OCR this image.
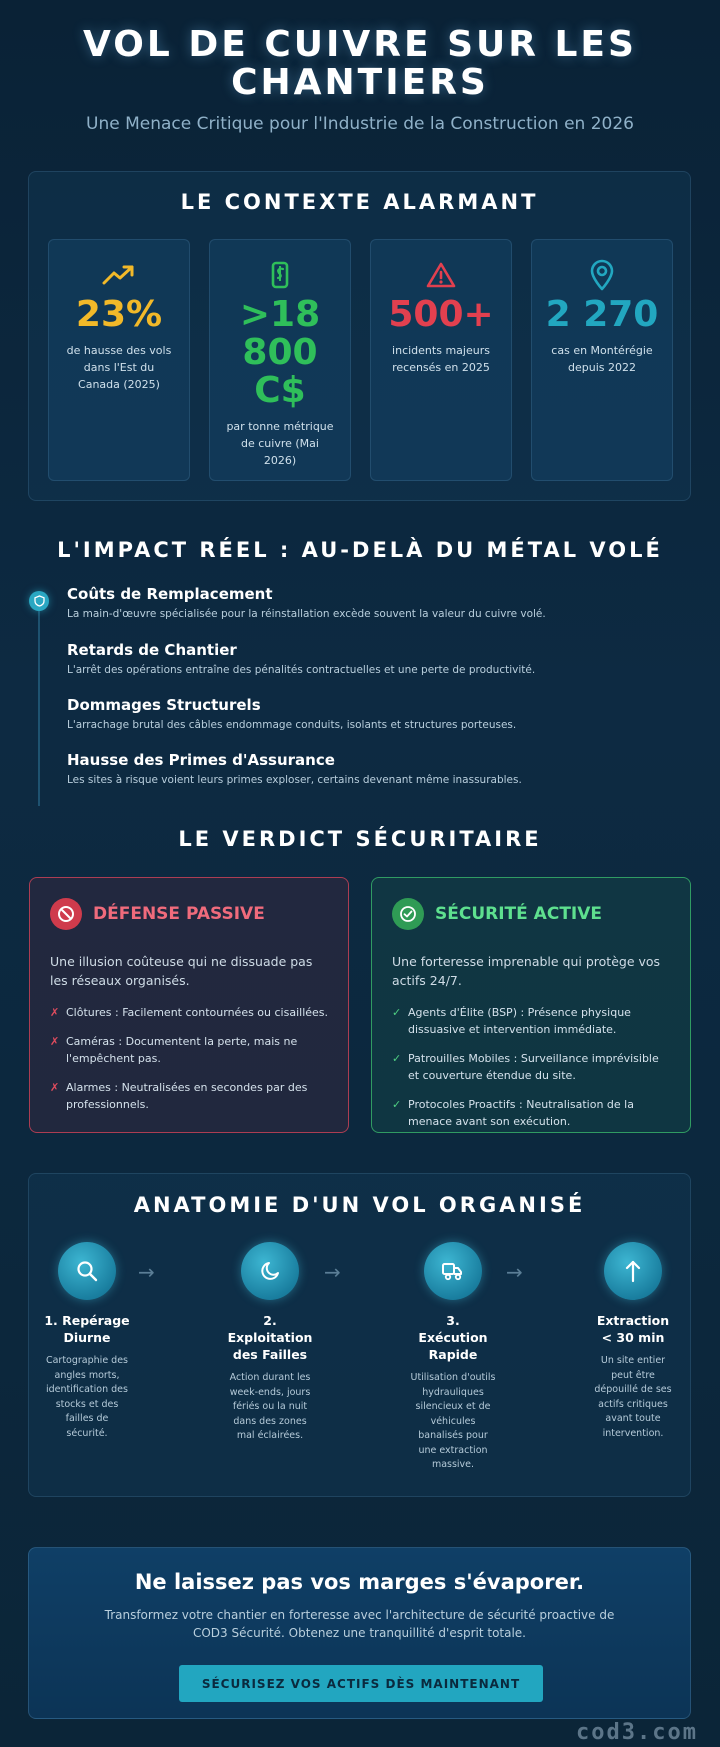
VOL DE CUIVRE SUR LES CHANTIERS

Une Menace Critique pour l'Industrie de la Construction en 2026

LE CONTEXTE ALARMANT
23%
de hausse des vols dans l'Est du Canada (2025)
>18 800 C$
par tonne métrique de cuivre (Mai 2026)
500+
incidents majeurs recensés en 2025
2 270
cas en Montérégie depuis 2022
L'IMPACT RÉEL : AU-DELÀ DU MÉTAL VOLÉ
Coûts de Remplacement

La main-d'œuvre spécialisée pour la réinstallation excède souvent la valeur du cuivre volé.

Retards de Chantier

L'arrêt des opérations entraîne des pénalités contractuelles et une perte de productivité.

Dommages Structurels

L'arrachage brutal des câbles endommage conduits, isolants et structures porteuses.

Hausse des Primes d'Assurance

Les sites à risque voient leurs primes exploser, certains devenant même inassurables.

LE VERDICT SÉCURITAIRE
DÉFENSE PASSIVE

Une illusion coûteuse qui ne dissuade pas les réseaux organisés.

✗ Clôtures : Facilement contournées ou cisaillées.
✗ Caméras : Documentent la perte, mais ne l'empêchent pas.
✗ Alarmes : Neutralisées en secondes par des professionnels.
SÉCURITÉ ACTIVE

Une forteresse imprenable qui protège vos actifs 24/7.

✓ Agents d'Élite (BSP) : Présence physique dissuasive et intervention immédiate.
✓ Patrouilles Mobiles : Surveillance imprévisible et couverture étendue du site.
✓ Protocoles Proactifs : Neutralisation de la menace avant son exécution.
ANATOMIE D'UN VOL ORGANISÉ
1. Repérage Diurne

Cartographie des angles morts, identification des stocks et des failles de sécurité.

→
2. Exploitation des Failles

Action durant les week-ends, jours fériés ou la nuit dans des zones mal éclairées.

→
3. Exécution Rapide

Utilisation d'outils hydrauliques silencieux et de véhicules banalisés pour une extraction massive.

→
Extraction < 30 min

Un site entier peut être dépouillé de ses actifs critiques avant toute intervention.

Ne laissez pas vos marges s'évaporer.

Transformez votre chantier en forteresse avec l'architecture de sécurité proactive de COD3 Sécurité. Obtenez une tranquillité d'esprit totale.

SÉCURISEZ VOS ACTIFS DÈS MAINTENANT
cod3.com
